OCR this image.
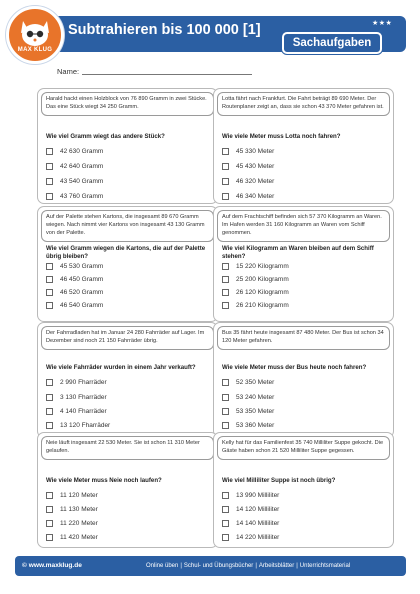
MAX KLUG
Subtrahieren bis 100 000 [1]	★★★
Sachaufgaben
Name:
Harald hackt einen Holzblock von 76 890 Gramm in zwei Stücke. Das eine Stück wiegt 34 250 Gramm.
Wie viel Gramm wiegt das andere Stück?
42 630 Gramm
42 640 Gramm
43 540 Gramm
43 760 Gramm
Lotta fährt nach Frankfurt. Die Fahrt beträgt 89 690 Meter. Der Routenplaner zeigt an, dass sie schon 43 370 Meter gefahren ist.
Wie viele Meter muss Lotta noch fahren?
45 330 Meter
45 430 Meter
46 320 Meter
46 340 Meter
Auf der Palette stehen Kartons, die insgesamt 89 670 Gramm wiegen. Nach nimmt vier Kartons von insgesamt 43 130 Gramm von der Palette.
Wie viel Gramm wiegen die Kartons, die auf der Palette übrig bleiben?
45 530 Gramm
46 450 Gramm
46 520 Gramm
46 540 Gramm
Auf dem Frachtschiff befinden sich 57 370 Kilogramm an Waren. Im Hafen werden 31 160 Kilogramm an Waren vom Schiff genommen.
Wie viel Kilogramm an Waren bleiben auf dem Schiff stehen?
15 220 Kilogramm
25 200 Kilogramm
26 120 Kilogramm
26 210 Kilogramm
Der Fahrradladen hat im Januar 24 280 Fahrräder auf Lager. Im Dezember sind noch 21 150 Fahrräder übrig.
Wie viele Fahrräder wurden in einem Jahr verkauft?
2 990 Fharräder
3 130 Fharräder
4 140 Fharräder
13 120 Fharräder
Bus 35 fährt heute insgesamt 87 480 Meter. Der Bus ist schon 34 120 Meter gefahren.
Wie viele Meter muss der Bus heute noch fahren?
52 350 Meter
53 240 Meter
53 350 Meter
53 360 Meter
Neie läuft insgesamt 22 530 Meter. Sie ist schon 11 310 Meter gelaufen.
Wie viele Meter muss Neie noch laufen?
11 120 Meter
11 130 Meter
11 220 Meter
11 420 Meter
Kelly hat für das Familienfest 35 740 Milliliter Suppe gekocht. Die Gäste haben schon 21 520 Milliliter Suppe gegessen.
Wie viel Milliliter Suppe ist noch übrig?
13 990 Milliliter
14 120 Milliliter
14 140 Milliliter
14 220 Milliliter
© www.maxklug.de	Online üben | Schul- und Übungsbücher | Arbeitsblätter | Unterrichtsmaterial
